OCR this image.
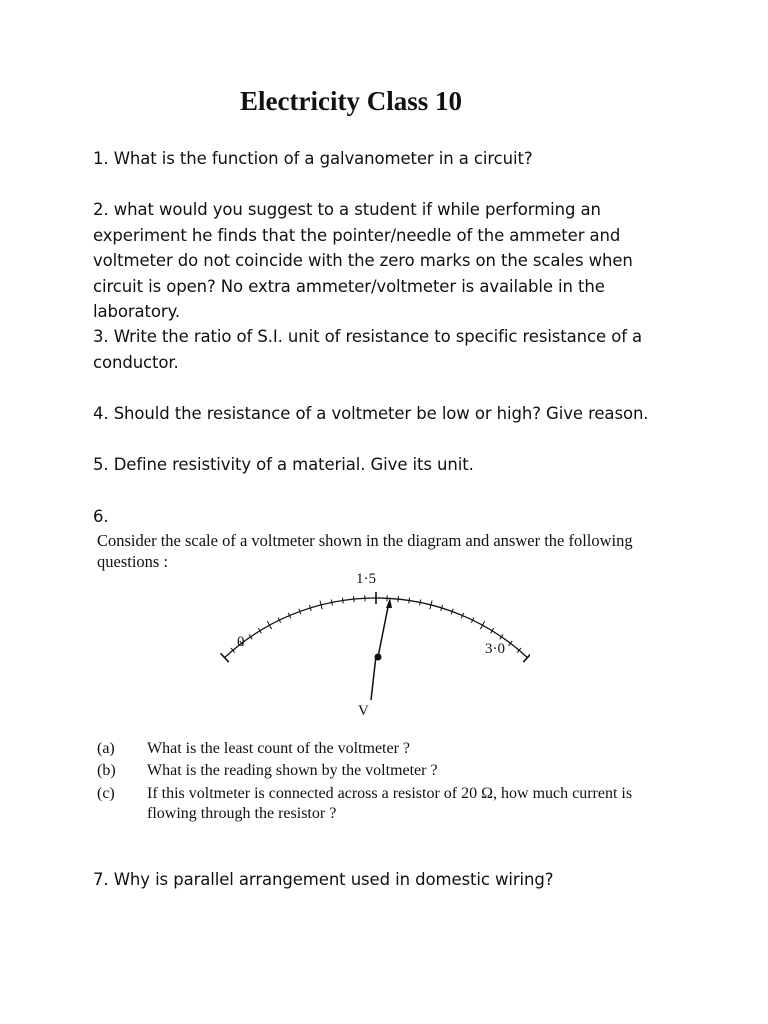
Electricity Class 10
1. What is the function of a galvanometer in a circuit?
2. what would you suggest to a student if while performing an experiment he finds that the pointer/needle of the ammeter and voltmeter do not coincide with the zero marks on the scales when circuit is open? No extra ammeter/voltmeter is available in the laboratory.
3. Write the ratio of S.I. unit of resistance to specific resistance of a conductor.
4. Should the resistance of a voltmeter be low or high? Give reason.
5. Define resistivity of a material. Give its unit.
6.
Consider the scale of a voltmeter shown in the diagram and answer the following questions :
0
1·5
3·0
V
(a) What is the least count of the voltmeter ?
(b) What is the reading shown by the voltmeter ?
(c) If this voltmeter is connected across a resistor of 20 Ω, how much current is flowing through the resistor ?
7. Why is parallel arrangement used in domestic wiring?
